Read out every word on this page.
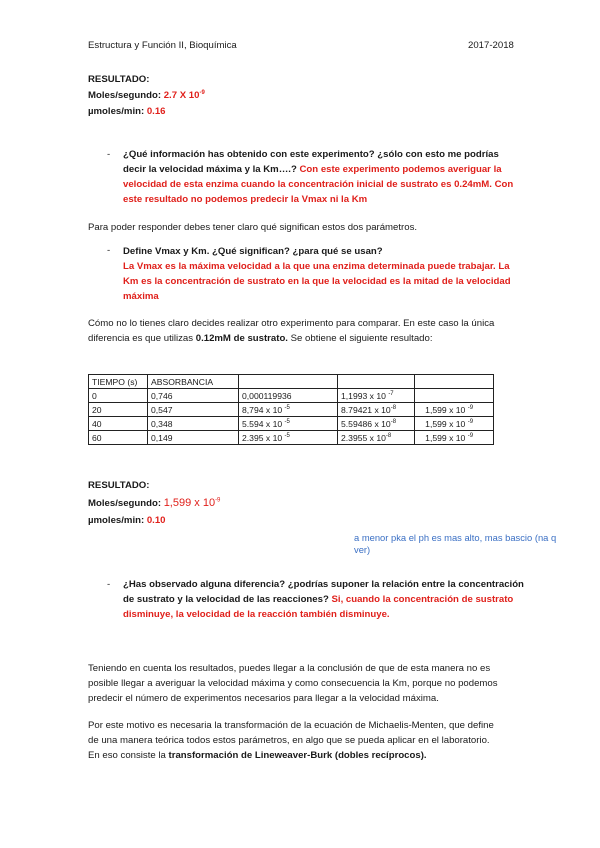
Estructura y Función II, Bioquímica	2017-2018
RESULTADO:
Moles/segundo: 2.7 X $10^{-9}$
µmoles/min: 0.16
- ¿Qué información has obtenido con este experimento? ¿sólo con esto me podrías
decir la velocidad máxima y la Km….? Con este experimento podemos averiguar la
velocidad de esta enzima cuando la concentración inicial de sustrato es 0.24mM. Con
este resultado no podemos predecir la Vmax ni la Km
Para poder responder debes tener claro qué significan estos dos parámetros.
- Define Vmax y Km. ¿Qué significan? ¿para qué se usan?
La Vmax es la máxima velocidad a la que una enzima determinada puede trabajar. La
Km es la concentración de sustrato en la que la velocidad es la mitad de la velocidad
máxima
Cómo no lo tienes claro decides realizar otro experimento para comparar. En este caso la única
diferencia es que utilizas 0.12mM de sustrato. Se obtiene el siguiente resultado:
TIEMPO (s)	ABSORBANCIA			
0	0,746	0,000119936	1,1993 x 10 $^{-7}$	
20	0,547	8,794 x 10 $^{-5}$	8.79421 x $10^{-8}$	1,599 x 10 $^{-9}$
40	0,348	5.594 x 10 $^{-5}$	5.59486 x $10^{-8}$	1,599 x 10 $^{-9}$
60	0,149	2.395 x 10 $^{-5}$	2.3955 x $10^{-8}$	1,599 x 10 $^{-9}$
RESULTADO:
Moles/segundo: 1,599 x $10^{-9}$
µmoles/min: 0.10
a menor pka el ph es mas alto, mas bascio (na q
ver)
- ¿Has observado alguna diferencia? ¿podrías suponer la relación entre la concentración
de sustrato y la velocidad de las reacciones? Si, cuando la concentración de sustrato
disminuye, la velocidad de la reacción también disminuye.
Teniendo en cuenta los resultados, puedes llegar a la conclusión de que de esta manera no es
posible llegar a averiguar la velocidad máxima y como consecuencia la Km, porque no podemos
predecir el número de experimentos necesarios para llegar a la velocidad máxima.
Por este motivo es necesaria la transformación de la ecuación de Michaelis-Menten, que define
de una manera teórica todos estos parámetros, en algo que se pueda aplicar en el laboratorio.
En eso consiste la transformación de Lineweaver-Burk (dobles recíprocos).
